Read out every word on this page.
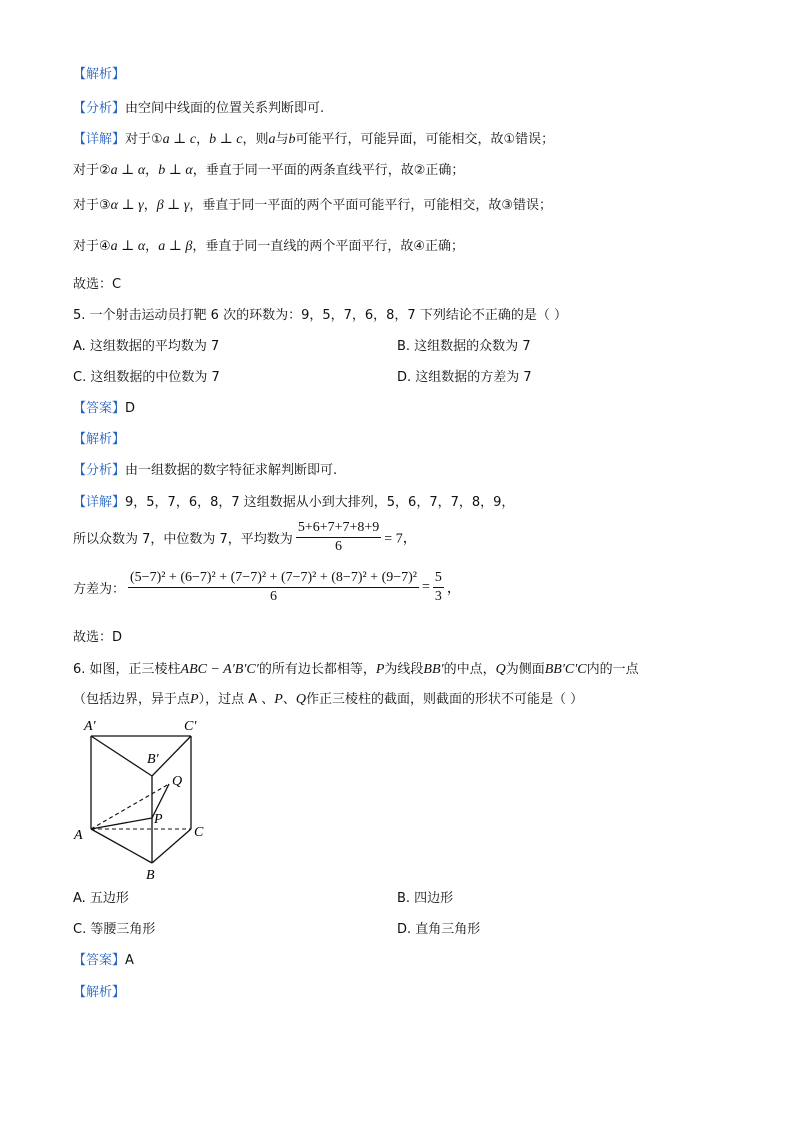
【解析】
【分析】由空间中线面的位置关系判断即可.
【详解】对于①a ⊥ c，b ⊥ c，则a与b可能平行，可能异面，可能相交，故①错误；
对于②a ⊥ α，b ⊥ α，垂直于同一平面的两条直线平行，故②正确；
对于③α ⊥ γ，β ⊥ γ，垂直于同一平面的两个平面可能平行，可能相交，故③错误；
对于④a ⊥ α，a ⊥ β，垂直于同一直线的两个平面平行，故④正确；
故选：C
5. 一个射击运动员打靶 6 次的环数为：9，5，7，6，8，7 下列结论不正确的是（ ）
A. 这组数据的平均数为 7	B. 这组数据的众数为 7
C. 这组数据的中位数为 7	D. 这组数据的方差为 7
【答案】D
【解析】
【分析】由一组数据的数字特征求解判断即可.
【详解】9，5，7，6，8，7 这组数据从小到大排列，5，6，7，7，8，9，
所以众数为 7，中位数为 7，平均数为 $\frac{5+6+7+7+8+9}{6} = 7$，
方差为： $\frac{\text{(5−7)² + (6−7)² + (7−7)² + (7−7)² + (8−7)² + (9−7)²}}{6} = \frac{5}{3}$ ，
故选：D
6. 如图，正三棱柱ABC − A′B′C′的所有边长都相等，P为线段BB′的中点，Q为侧面BB′C′C内的一点
（包括边界，异于点P），过点 A 、P、Q作正三棱柱的截面，则截面的形状不可能是（ ）
A′	C′
B′
Q
P
A	C
B
A. 五边形	B. 四边形
C. 等腰三角形	D. 直角三角形
【答案】A
【解析】
